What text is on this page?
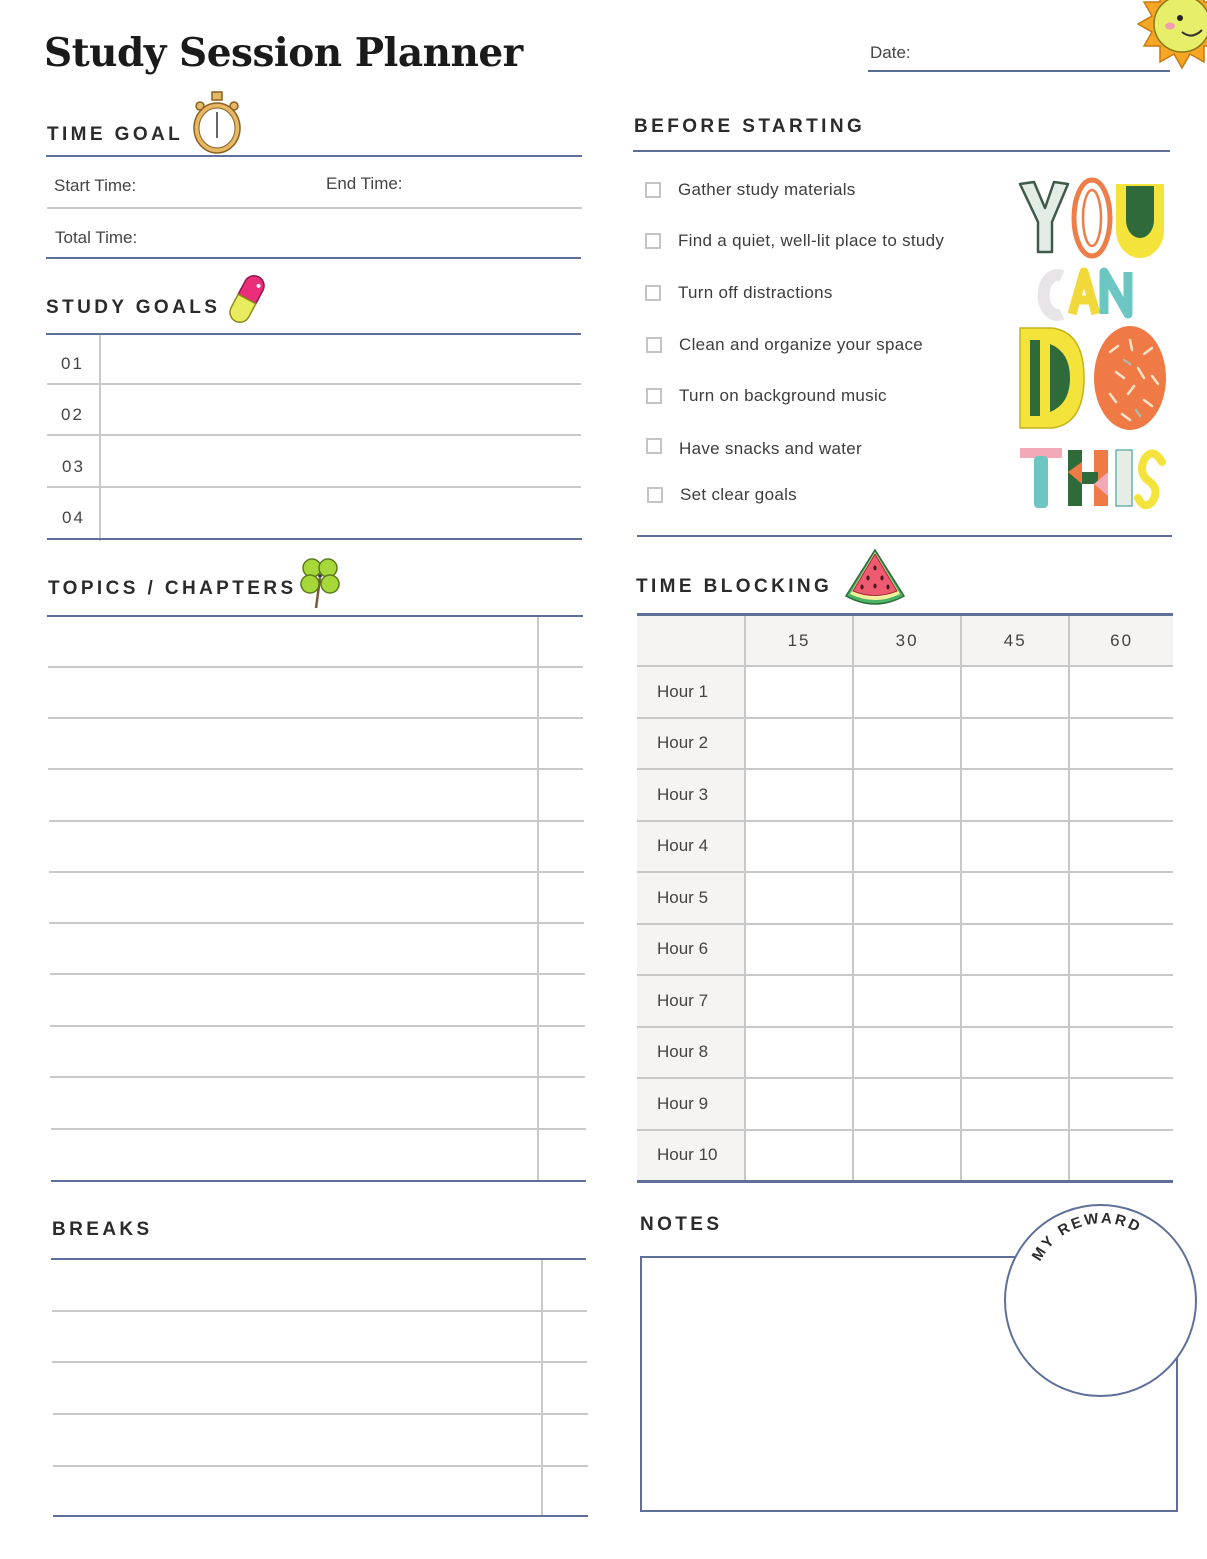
Study Session Planner	Date:
TIME GOAL
Start Time:	End Time:
Total Time:
STUDY GOALS
01
02
03
04
TOPICS / CHAPTERS
BREAKS
BEFORE STARTING
Gather study materials
Find a quiet, well-lit place to study
Turn off distractions
Clean and organize your space
Turn on background music
Have snacks and water
Set clear goals
TIME BLOCKING
	15	30	45	60
Hour 1				
Hour 2				
Hour 3				
Hour 4				
Hour 5				
Hour 6				
Hour 7				
Hour 8				
Hour 9				
Hour 10				
NOTES
MY REWARD
